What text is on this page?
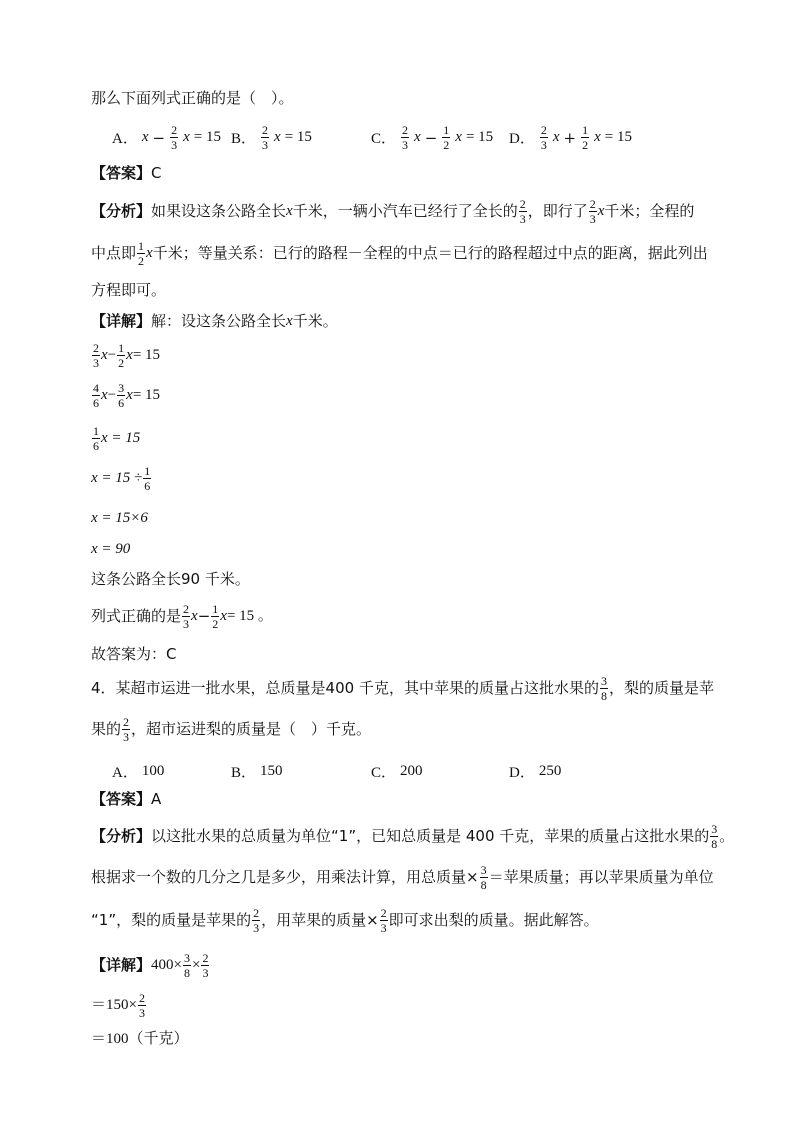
那么下面列式正确的是（　）。
A． $x - \frac{2}{3}$ x = 15 B． $\frac{2}{3}$ x = 15	C． $\frac{2}{3}$ $x - \frac{1}{2}$ x = 15 D． $\frac{2}{3}$ $x + \frac{1}{2}$ x = 15
【答案】C
【分析】 如果设这条公路全长 x 千米，一辆小汽车已经行了全长的 $\frac{2}{3}$ ，即行了 $\frac{2}{3}$ x 千米；全程的
中点即 $\frac{1}{2}$ x 千米；等量关系：已行的路程－全程的中点＝已行的路程超过中点的距离，据此列出
方程即可。
【详解】 解：设这条公路全长 x 千米。
$\frac{2}{3}$ $x - \frac{1}{2}$ x = 15
$\frac{4}{6}$ $x - \frac{3}{6}$ x = 15
$\frac{1}{6}$ x = 15
$x = 15 \div \frac{1}{6}$
x = 15×6
x = 90
这条公路全长90 千米。
列式正确的是 $\frac{2}{3}$ $x - \frac{1}{2}$ x = 15 。
故答案为：C
4．某超市运进一批水果，总质量是400 千克，其中苹果的质量占这批水果的 $\frac{3}{8}$ ，梨的质量是苹
果的 $\frac{2}{3}$ ，超市运进梨的质量是（　）千克。
A． 100	B． 150	C． 200	D． 250
【答案】A
【分析】 以这批水果的总质量为单位“1”，已知总质量是 400 千克，苹果的质量占这批水果的 $\frac{3}{8}$ 。
根据求一个数的几分之几是多少，用乘法计算，用总质量× $\frac{3}{8}$ ＝苹果质量；再以苹果质量为单位
“1”，梨的质量是苹果的 $\frac{2}{3}$ ，用苹果的质量× $\frac{2}{3}$ 即可求出梨的质量。据此解答。
【详解】 $400\times \frac{3}{8} \times \frac{2}{3}$
$=150\times \frac{2}{3}$
＝100（千克）
